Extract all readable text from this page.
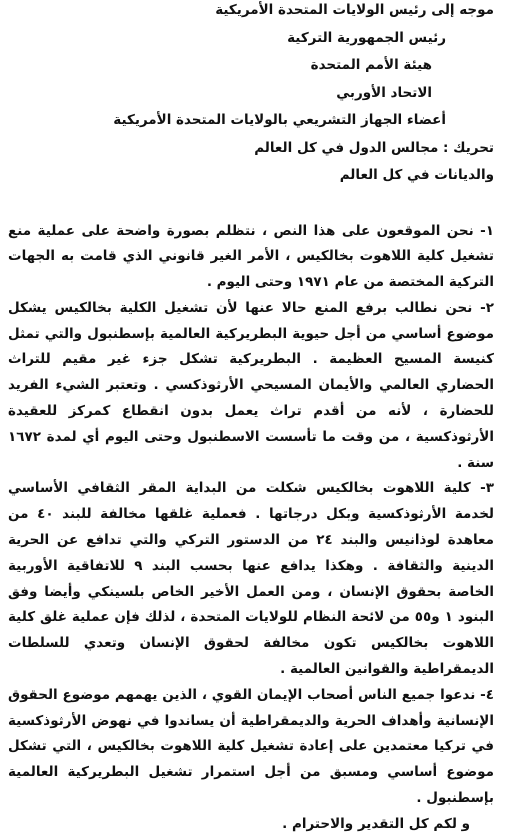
موجه إلى رئيس الولايات المتحدة الأمريكية

رئيس الجمهورية التركية

هيئة الأمم المتحدة

الاتحاد الأوربي

أعضاء الجهاز التشريعي بالولايات المتحدة الأمريكية

تحريك : مجالس الدول في كل العالم

والديانات في كل العالم

١- نحن الموقعون على هذا النص ، نتظلم بصورة واضحة على عملية منع تشغيل كلية اللاهوت بخالكيس ، الأمر الغير قانوني الذي قامت به الجهات التركية المختصة من عام ١٩٧١ وحتى اليوم .

٢- نحن نطالب برفع المنع حالا عنها لأن تشغيل الكلية بخالكيس يشكل موضوع أساسي من أجل حيوية البطريركية العالمية بإسطنبول والتي تمثل كنيسة المسيح العظيمة . البطريركية تشكل جزء غير مقيم للتراث الحضاري العالمي والأيمان المسيحي الأرثوذكسي . وتعتبر الشيء الفريد للحضارة ، لأنه من أقدم تراث يعمل بدون انقطاع كمركز للعقيدة الأرثوذكسية ، من وقت ما تأسست الاسطنبول وحتى اليوم أي لمدة ١٦٧٢ سنة .

٣- كلية اللاهوت بخالكيس شكلت من البداية المقر الثقافي الأساسي لخدمة الأرثوذكسية وبكل درجاتها . فعملية غلقها مخالفة للبند ٤٠ من معاهدة لوذانيس والبند ٢٤ من الدستور التركي والتي تدافع عن الحرية الدينية والثقافة . وهكذا يدافع عنها بحسب البند ٩ للاتفاقية الأوربية الخاصة بحقوق الإنسان ، ومن العمل الأخير الخاص بلسينكي وأيضا وفق البنود ١ و٥٥ من لائحة النظام للولايات المتحدة ، لذلك فإن عملية غلق كلية اللاهوت بخالكيس تكون مخالفة لحقوق الإنسان وتعدي للسلطات الديمقراطية والقوانين العالمية .

٤- ندعوا جميع الناس أصحاب الإيمان القوي ، الذين يهمهم موضوع الحقوق الإنسانية وأهداف الحرية والديمقراطية أن يساندوا في نهوض الأرثوذكسية في تركيا معتمدين على إعادة تشغيل كلية اللاهوت بخالكيس ، التي تشكل موضوع أساسي ومسبق من أجل استمرار تشغيل البطريركية العالمية بإسطنبول .

و لكم كل التقدير والاحترام .
